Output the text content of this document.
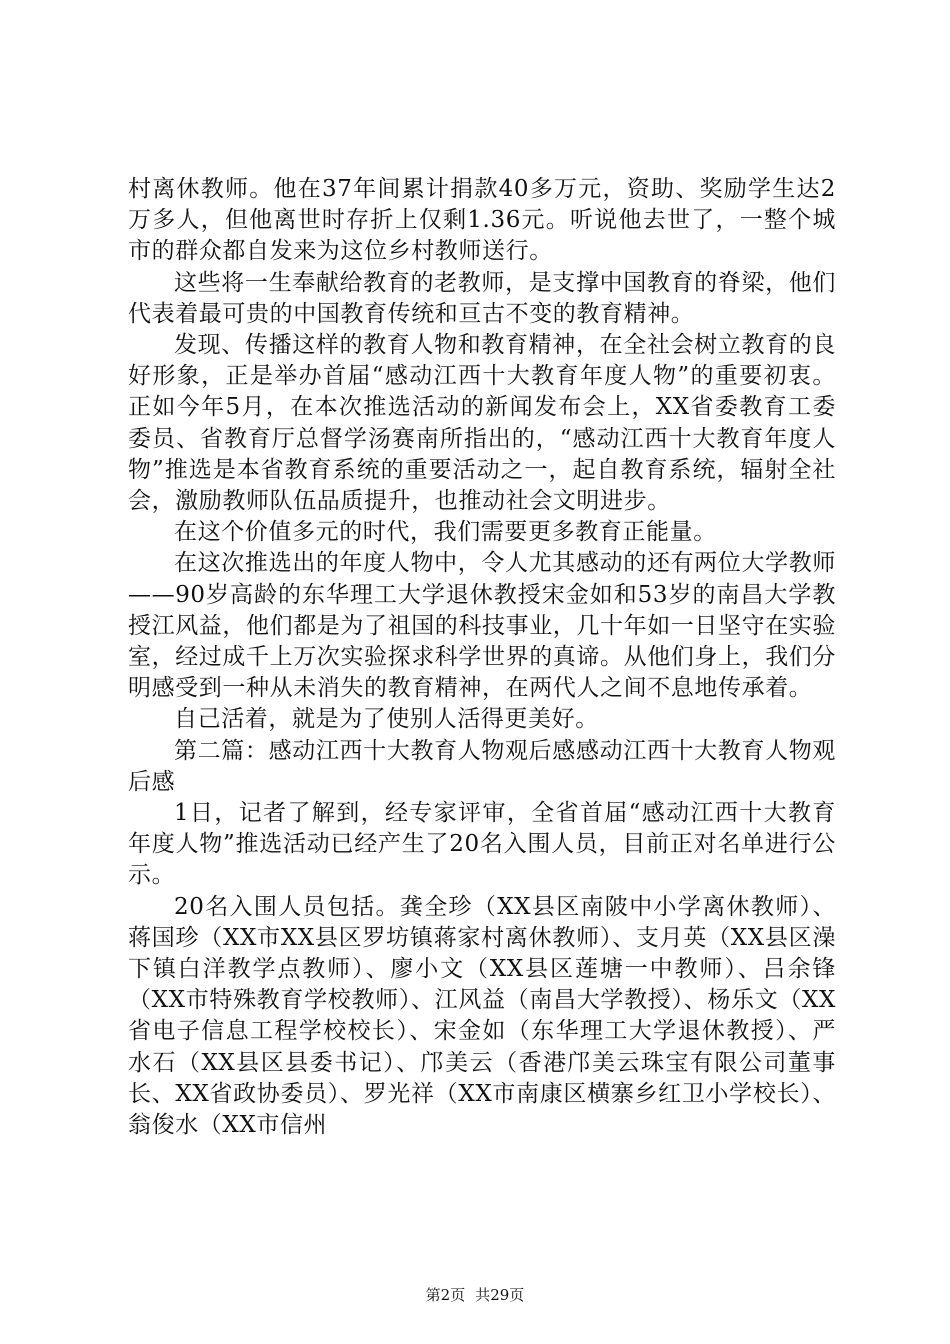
村离休教师。他在37年间累计捐款40多万元，资助、奖励学生达2万多人，但他离世时存折上仅剩1.36元。听说他去世了，一整个城市的群众都自发来为这位乡村教师送行。

这些将一生奉献给教育的老教师，是支撑中国教育的脊梁，他们代表着最可贵的中国教育传统和亘古不变的教育精神。

发现、传播这样的教育人物和教育精神，在全社会树立教育的良好形象，正是举办首届“感动江西十大教育年度人物”的重要初衷。正如今年5月，在本次推选活动的新闻发布会上，XX省委教育工委委员、省教育厅总督学汤赛南所指出的，“感动江西十大教育年度人物”推选是本省教育系统的重要活动之一，起自教育系统，辐射全社会，激励教师队伍品质提升，也推动社会文明进步。

在这个价值多元的时代，我们需要更多教育正能量。

在这次推选出的年度人物中，令人尤其感动的还有两位大学教师——90岁高龄的东华理工大学退休教授宋金如和53岁的南昌大学教授江风益，他们都是为了祖国的科技事业，几十年如一日坚守在实验室，经过成千上万次实验探求科学世界的真谛。从他们身上，我们分明感受到一种从未消失的教育精神，在两代人之间不息地传承着。

自己活着，就是为了使别人活得更美好。

第二篇：感动江西十大教育人物观后感感动江西十大教育人物观后感

1日，记者了解到，经专家评审，全省首届“感动江西十大教育年度人物”推选活动已经产生了20名入围人员，目前正对名单进行公示。

20名入围人员包括。龚全珍（XX县区南陂中小学离休教师）、蒋国珍（XX市XX县区罗坊镇蒋家村离休教师）、支月英（XX县区澡下镇白洋教学点教师）、廖小文（XX县区莲塘一中教师）、吕余锋（XX市特殊教育学校教师）、江风益（南昌大学教授）、杨乐文（XX省电子信息工程学校校长）、宋金如（东华理工大学退休教授）、严水石（XX县区县委书记）、邝美云（香港邝美云珠宝有限公司董事长、XX省政协委员）、罗光祥（XX市南康区横寨乡红卫小学校长）、翁俊水（XX市信州

第2页 共29页
